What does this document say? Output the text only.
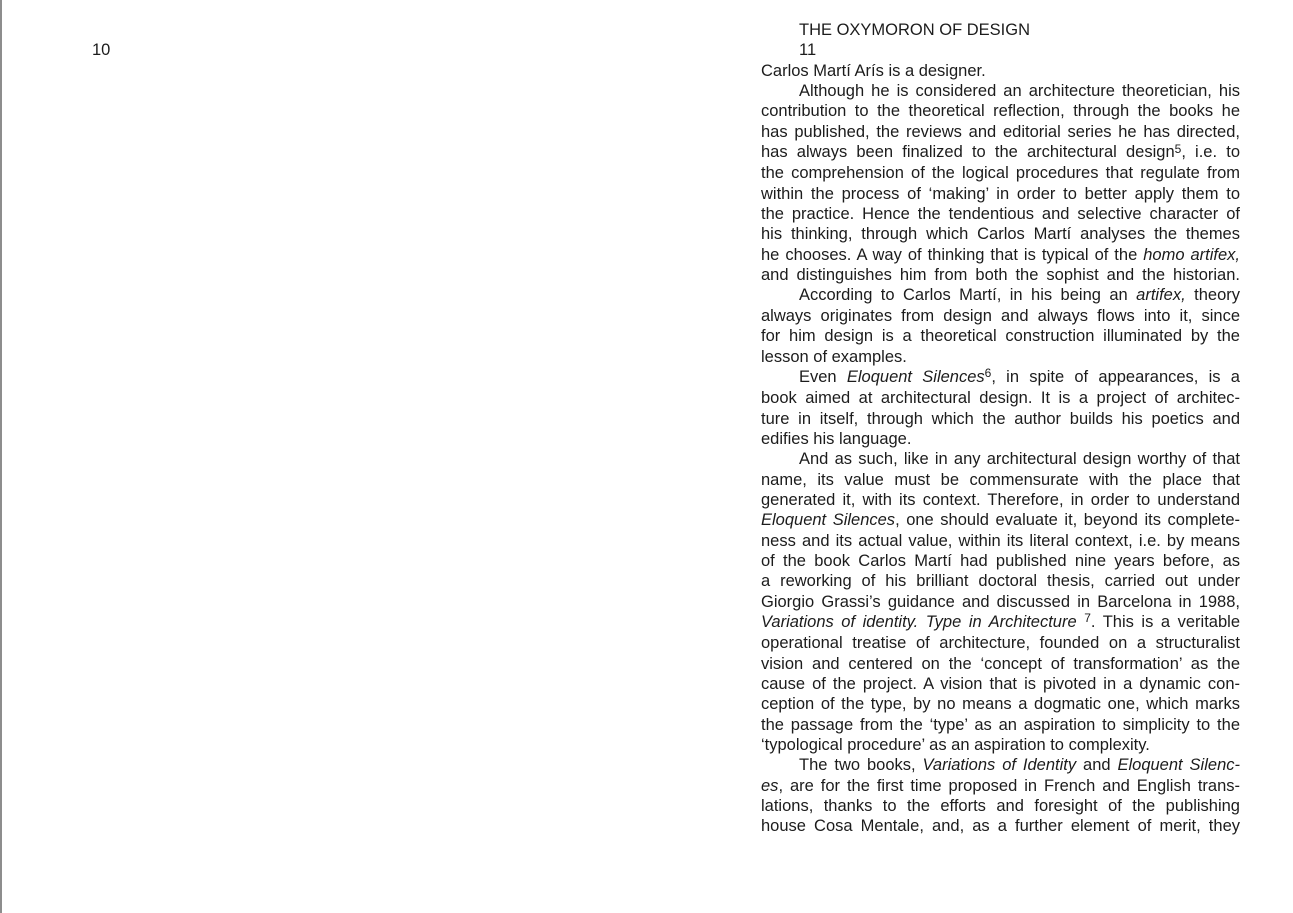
10
THE OXYMORON OF DESIGN
11
Carlos Martí Arís is a designer.
Although he is considered an architecture theoretician, his
contribution to the theoretical reflection, through the books he
has published, the reviews and editorial series he has directed,
has always been finalized to the architectural design$^5$, i.e. to
the comprehension of the logical procedures that regulate from
within the process of ‘making’ in order to better apply them to
the practice. Hence the tendentious and selective character of
his thinking, through which Carlos Martí analyses the themes
he chooses. A way of thinking that is typical of the homo artifex,
and distinguishes him from both the sophist and the historian.
According to Carlos Martí, in his being an artifex, theory
always originates from design and always flows into it, since
for him design is a theoretical construction illuminated by the
lesson of examples.
Even Eloquent Silences$^6$, in spite of appearances, is a
book aimed at architectural design. It is a project of architec-
ture in itself, through which the author builds his poetics and
edifies his language.
And as such, like in any architectural design worthy of that
name, its value must be commensurate with the place that
generated it, with its context. Therefore, in order to understand
Eloquent Silences, one should evaluate it, beyond its complete-
ness and its actual value, within its literal context, i.e. by means
of the book Carlos Martí had published nine years before, as
a reworking of his brilliant doctoral thesis, carried out under
Giorgio Grassi’s guidance and discussed in Barcelona in 1988,
Variations of identity. Type in Architecture $^7$. This is a veritable
operational treatise of architecture, founded on a structuralist
vision and centered on the ‘concept of transformation’ as the
cause of the project. A vision that is pivoted in a dynamic con-
ception of the type, by no means a dogmatic one, which marks
the passage from the ‘type’ as an aspiration to simplicity to the
‘typological procedure’ as an aspiration to complexity.
The two books, Variations of Identity and Eloquent Silenc-
es, are for the first time proposed in French and English trans-
lations, thanks to the efforts and foresight of the publishing
house Cosa Mentale, and, as a further element of merit, they
